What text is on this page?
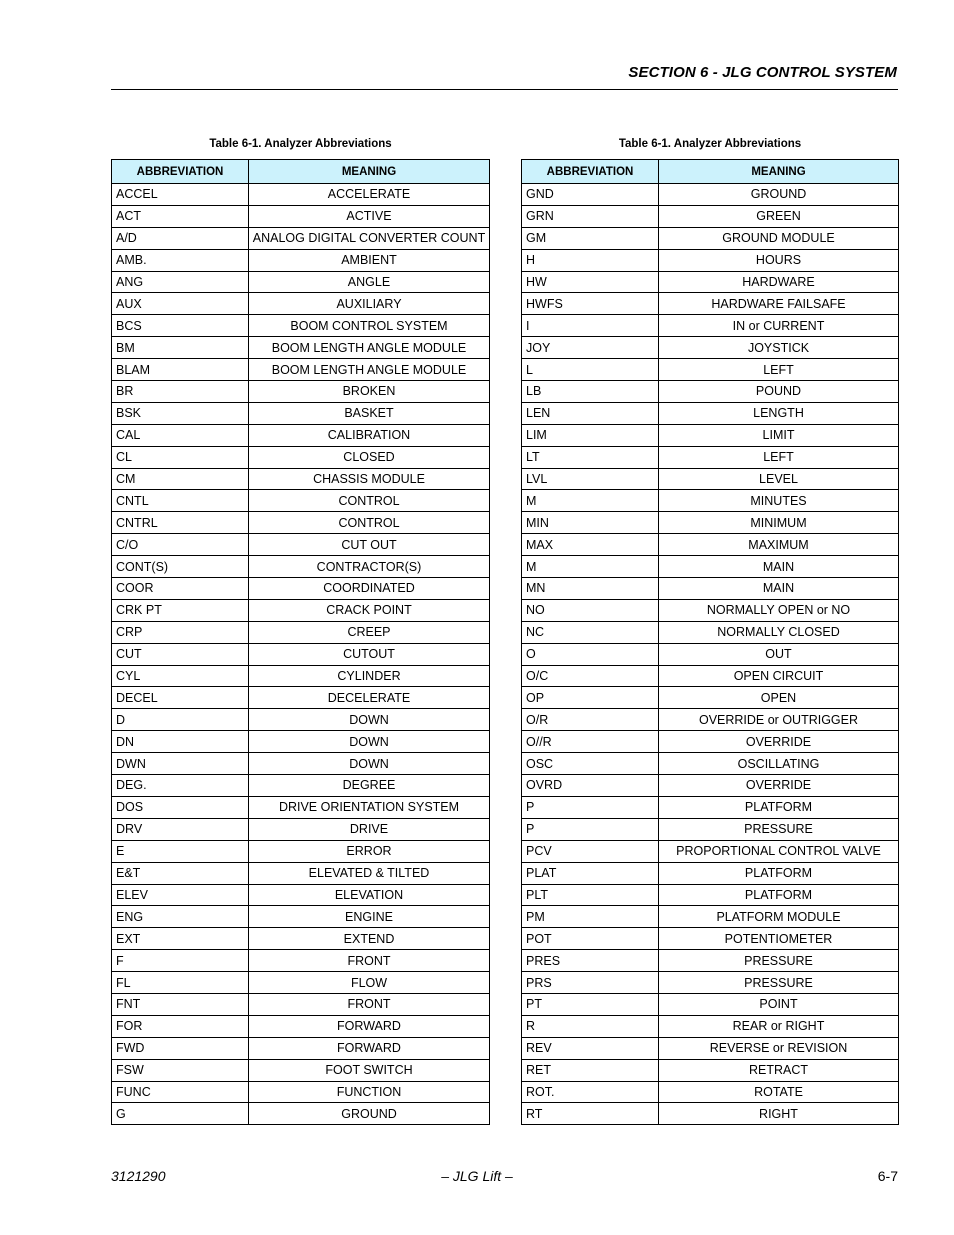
SECTION 6 - JLG CONTROL SYSTEM
Table 6-1. Analyzer Abbreviations
ABBREVIATION	MEANING
ACCEL	ACCELERATE
ACT	ACTIVE
A/D	ANALOG DIGITAL CONVERTER COUNT
AMB.	AMBIENT
ANG	ANGLE
AUX	AUXILIARY
BCS	BOOM CONTROL SYSTEM
BM	BOOM LENGTH ANGLE MODULE
BLAM	BOOM LENGTH ANGLE MODULE
BR	BROKEN
BSK	BASKET
CAL	CALIBRATION
CL	CLOSED
CM	CHASSIS MODULE
CNTL	CONTROL
CNTRL	CONTROL
C/O	CUT OUT
CONT(S)	CONTRACTOR(S)
COOR	COORDINATED
CRK PT	CRACK POINT
CRP	CREEP
CUT	CUTOUT
CYL	CYLINDER
DECEL	DECELERATE
D	DOWN
DN	DOWN
DWN	DOWN
DEG.	DEGREE
DOS	DRIVE ORIENTATION SYSTEM
DRV	DRIVE
E	ERROR
E&T	ELEVATED & TILTED
ELEV	ELEVATION
ENG	ENGINE
EXT	EXTEND
F	FRONT
FL	FLOW
FNT	FRONT
FOR	FORWARD
FWD	FORWARD
FSW	FOOT SWITCH
FUNC	FUNCTION
G	GROUND
Table 6-1. Analyzer Abbreviations
ABBREVIATION	MEANING
GND	GROUND
GRN	GREEN
GM	GROUND MODULE
H	HOURS
HW	HARDWARE
HWFS	HARDWARE FAILSAFE
I	IN or CURRENT
JOY	JOYSTICK
L	LEFT
LB	POUND
LEN	LENGTH
LIM	LIMIT
LT	LEFT
LVL	LEVEL
M	MINUTES
MIN	MINIMUM
MAX	MAXIMUM
M	MAIN
MN	MAIN
NO	NORMALLY OPEN or NO
NC	NORMALLY CLOSED
O	OUT
O/C	OPEN CIRCUIT
OP	OPEN
O/R	OVERRIDE or OUTRIGGER
O//R	OVERRIDE
OSC	OSCILLATING
OVRD	OVERRIDE
P	PLATFORM
P	PRESSURE
PCV	PROPORTIONAL CONTROL VALVE
PLAT	PLATFORM
PLT	PLATFORM
PM	PLATFORM MODULE
POT	POTENTIOMETER
PRES	PRESSURE
PRS	PRESSURE
PT	POINT
R	REAR or RIGHT
REV	REVERSE or REVISION
RET	RETRACT
ROT.	ROTATE
RT	RIGHT
3121290	– JLG Lift –	6-7
